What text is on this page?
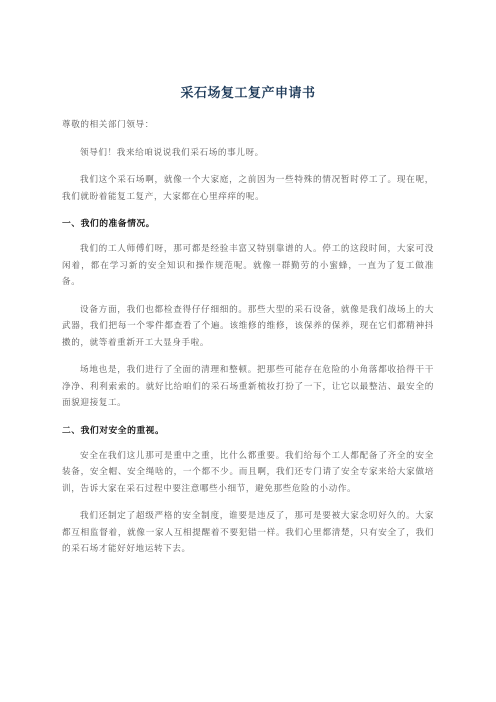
采石场复工复产申请书

尊敬的相关部门领导：

领导们！我来给咱说说我们采石场的事儿呀。

我们这个采石场啊，就像一个大家庭，之前因为一些特殊的情况暂时停工了。现在呢，我们就盼着能复工复产，大家都在心里痒痒的呢。

一、我们的准备情况。

我们的工人师傅们呀，那可都是经验丰富又特别靠谱的人。停工的这段时间，大家可没闲着，都在学习新的安全知识和操作规范呢。就像一群勤劳的小蜜蜂，一直为了复工做准备。

设备方面，我们也都检查得仔仔细细的。那些大型的采石设备，就像是我们战场上的大武器，我们把每一个零件都查看了个遍。该维修的维修，该保养的保养，现在它们都精神抖擞的，就等着重新开工大显身手啦。

场地也是，我们进行了全面的清理和整顿。把那些可能存在危险的小角落都收拾得干干净净、利利索索的。就好比给咱们的采石场重新梳妆打扮了一下，让它以最整洁、最安全的面貌迎接复工。

二、我们对安全的重视。

安全在我们这儿那可是重中之重，比什么都重要。我们给每个工人都配备了齐全的安全装备，安全帽、安全绳啥的，一个都不少。而且啊，我们还专门请了安全专家来给大家做培训，告诉大家在采石过程中要注意哪些小细节，避免那些危险的小动作。

我们还制定了超级严格的安全制度，谁要是违反了，那可是要被大家念叨好久的。大家都互相监督着，就像一家人互相提醒着不要犯错一样。我们心里都清楚，只有安全了，我们的采石场才能好好地运转下去。
